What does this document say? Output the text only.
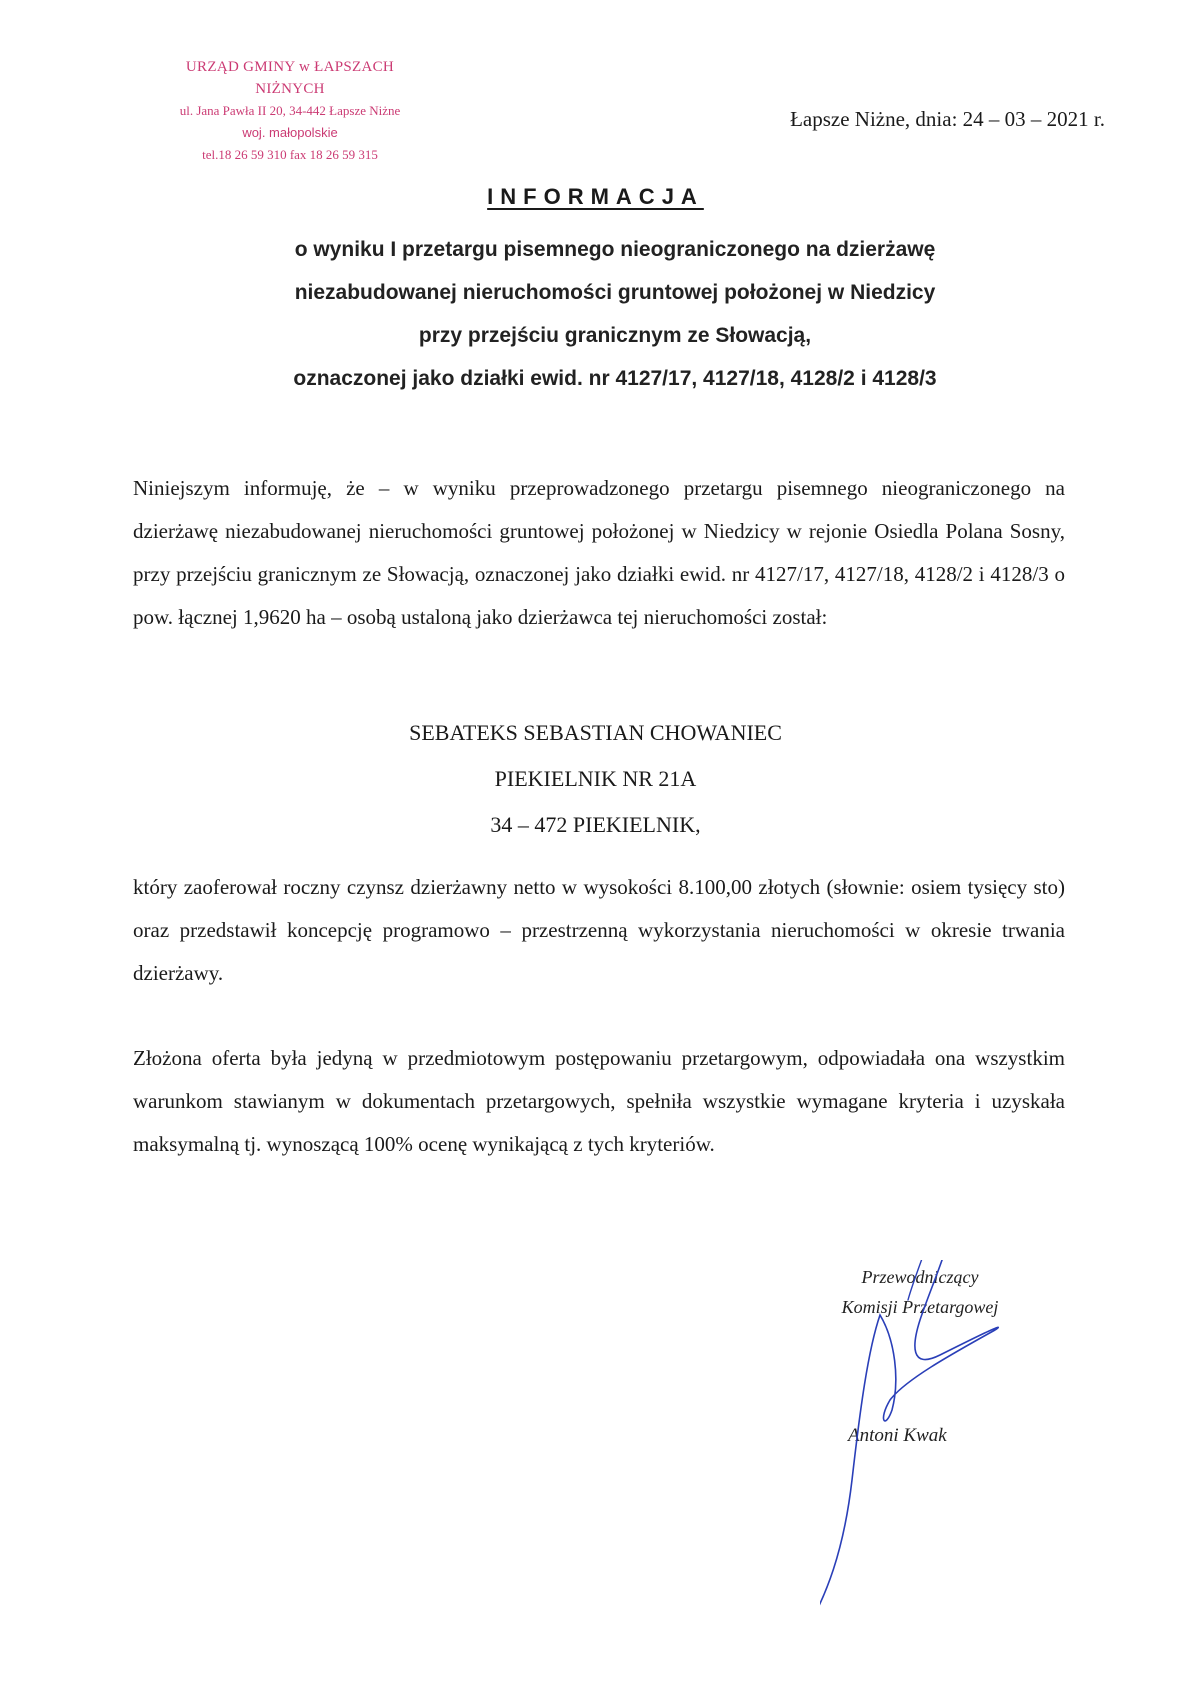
URZĄD GMINY w ŁAPSZACH NIŻNYCH
ul. Jana Pawła II 20, 34-442 Łapsze Niżne
woj. małopolskie
tel.18 26 59 310 fax 18 26 59 315
Łapsze Niżne, dnia: 24 – 03 – 2021 r.
INFORMACJA
o wyniku I przetargu pisemnego nieograniczonego na dzierżawę
niezabudowanej nieruchomości gruntowej położonej w Niedzicy
przy przejściu granicznym ze Słowacją,
oznaczonej jako działki ewid. nr 4127/17, 4127/18, 4128/2 i 4128/3
Niniejszym informuję, że – w wyniku przeprowadzonego przetargu pisemnego nieograniczonego na dzierżawę niezabudowanej nieruchomości gruntowej położonej w Niedzicy w rejonie Osiedla Polana Sosny, przy przejściu granicznym ze Słowacją, oznaczonej jako działki ewid. nr 4127/17, 4127/18, 4128/2 i 4128/3 o pow. łącznej 1,9620 ha – osobą ustaloną jako dzierżawca tej nieruchomości został:
SEBATEKS SEBASTIAN CHOWANIEC
PIEKIELNIK NR 21A
34 – 472 PIEKIELNIK,
który zaoferował roczny czynsz dzierżawny netto w wysokości 8.100,00 złotych (słownie: osiem tysięcy sto) oraz przedstawił koncepcję programowo – przestrzenną wykorzystania nieruchomości w okresie trwania dzierżawy.
Złożona oferta była jedyną w przedmiotowym postępowaniu przetargowym, odpowiadała ona wszystkim warunkom stawianym w dokumentach przetargowych, spełniła wszystkie wymagane kryteria i uzyskała maksymalną tj. wynoszącą 100% ocenę wynikającą z tych kryteriów.
Przewodniczący
Komisji Przetargowej
Antoni Kwak
